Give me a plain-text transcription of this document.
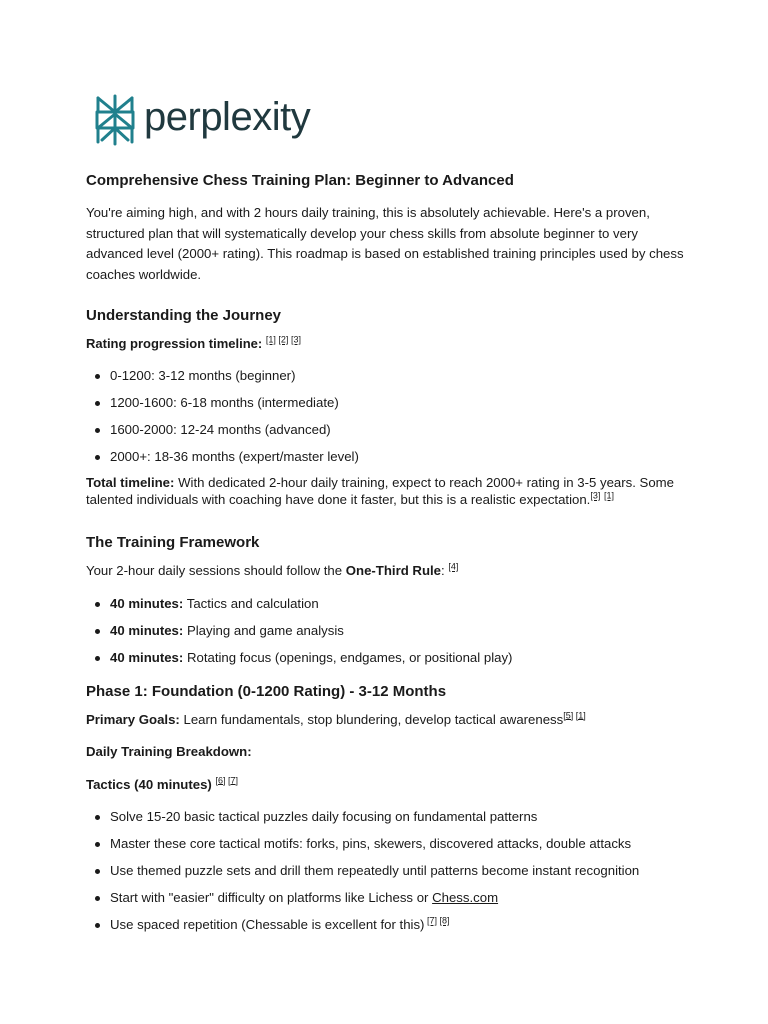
perplexity
Comprehensive Chess Training Plan: Beginner to Advanced

You're aiming high, and with 2 hours daily training, this is absolutely achievable. Here's a proven, structured plan that will systematically develop your chess skills from absolute beginner to very advanced level (2000+ rating). This roadmap is based on established training principles used by chess coaches worldwide.

Understanding the Journey

Rating progression timeline: [1] [2] [3]

0-1200: 3-12 months (beginner)
1200-1600: 6-18 months (intermediate)
1600-2000: 12-24 months (advanced)
2000+: 18-36 months (expert/master level)

Total timeline: With dedicated 2-hour daily training, expect to reach 2000+ rating in 3-5 years. Some talented individuals with coaching have done it faster, but this is a realistic expectation.[3] [1]

The Training Framework

Your 2-hour daily sessions should follow the One-Third Rule: [4]

40 minutes: Tactics and calculation
40 minutes: Playing and game analysis
40 minutes: Rotating focus (openings, endgames, or positional play)
Phase 1: Foundation (0-1200 Rating) - 3-12 Months

Primary Goals: Learn fundamentals, stop blundering, develop tactical awareness[5] [1]

Daily Training Breakdown:

Tactics (40 minutes) [6] [7]

Solve 15-20 basic tactical puzzles daily focusing on fundamental patterns
Master these core tactical motifs: forks, pins, skewers, discovered attacks, double attacks
Use themed puzzle sets and drill them repeatedly until patterns become instant recognition
Start with "easier" difficulty on platforms like Lichess or Chess.com
Use spaced repetition (Chessable is excellent for this) [7] [8]
